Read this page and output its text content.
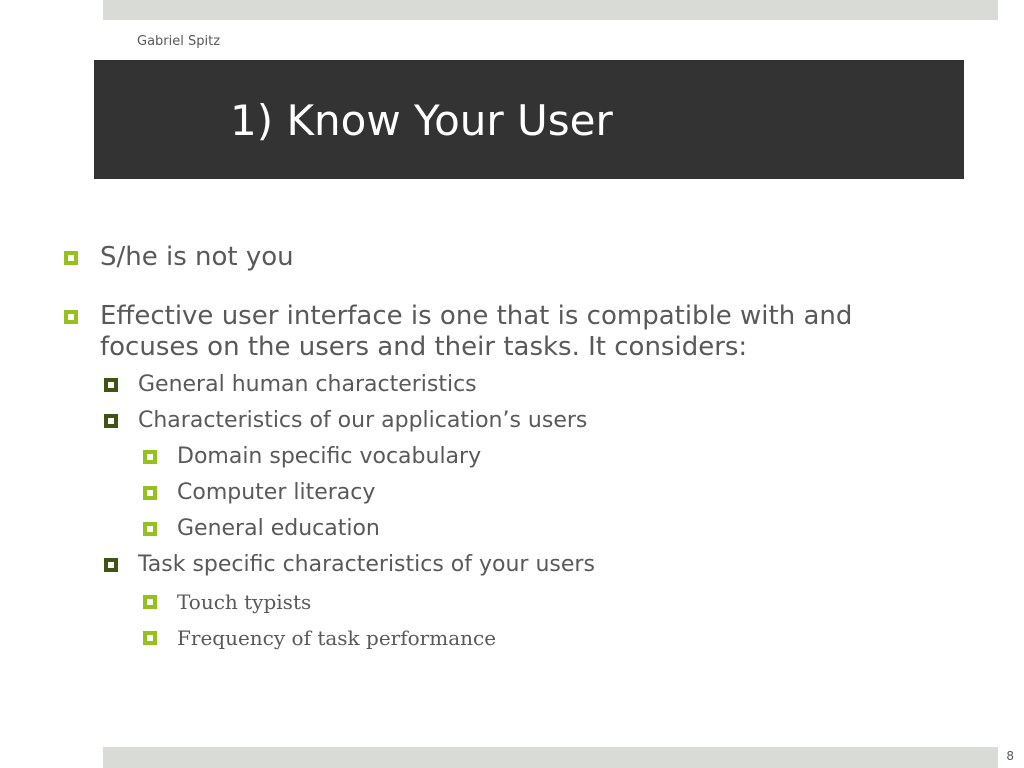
Gabriel Spitz
1) Know Your User
S/he is not you
Effective user interface is one that is compatible with and
focuses on the users and their tasks. It considers:
General human characteristics
Characteristics of our application’s users
Domain specific vocabulary
Computer literacy
General education
Task specific characteristics of your users
Touch typists
Frequency of task performance
8
